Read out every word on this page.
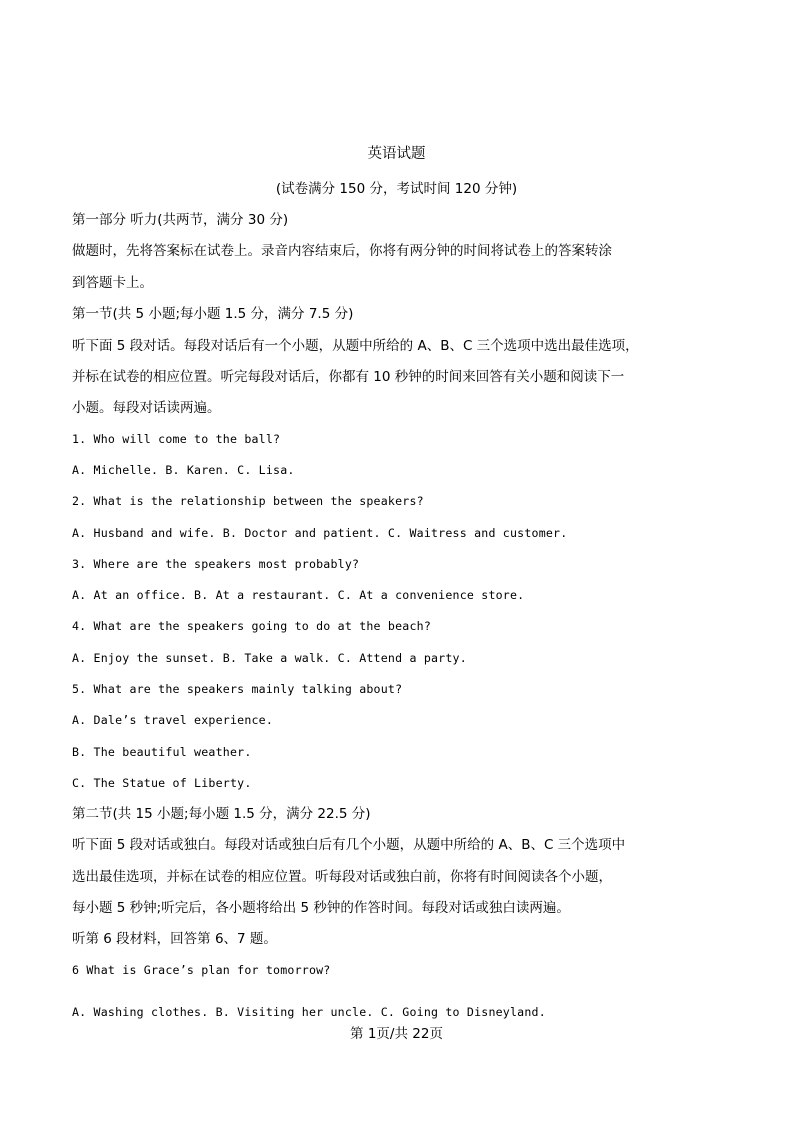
英语试题
(试卷满分 150 分，考试时间 120 分钟)
第一部分 听力(共两节，满分 30 分)
做题时，先将答案标在试卷上。录音内容结束后，你将有两分钟的时间将试卷上的答案转涂
到答题卡上。
第一节(共 5 小题;每小题 1.5 分，满分 7.5 分)
听下面 5 段对话。每段对话后有一个小题，从题中所给的 A、B、C 三个选项中选出最佳选项，
并标在试卷的相应位置。听完每段对话后，你都有 10 秒钟的时间来回答有关小题和阅读下一
小题。每段对话读两遍。
1. Who will come to the ball?
A. Michelle. B. Karen. C. Lisa.
2. What is the relationship between the speakers?
A. Husband and wife. B. Doctor and patient. C. Waitress and customer.
3. Where are the speakers most probably?
A. At an office. B. At a restaurant. C. At a convenience store.
4. What are the speakers going to do at the beach?
A. Enjoy the sunset. B. Take a walk. C. Attend a party.
5. What are the speakers mainly talking about?
A. Dale’s travel experience.
B. The beautiful weather.
C. The Statue of Liberty.
第二节(共 15 小题;每小题 1.5 分，满分 22.5 分)
听下面 5 段对话或独白。每段对话或独白后有几个小题，从题中所给的 A、B、C 三个选项中
选出最佳选项，并标在试卷的相应位置。听每段对话或独白前，你将有时间阅读各个小题，
每小题 5 秒钟;听完后，各小题将给出 5 秒钟的作答时间。每段对话或独白读两遍。
听第 6 段材料，回答第 6、7 题。
6 What is Grace’s plan for tomorrow?
A. Washing clothes. B. Visiting her uncle. C. Going to Disneyland.
第 1页/共 22页
